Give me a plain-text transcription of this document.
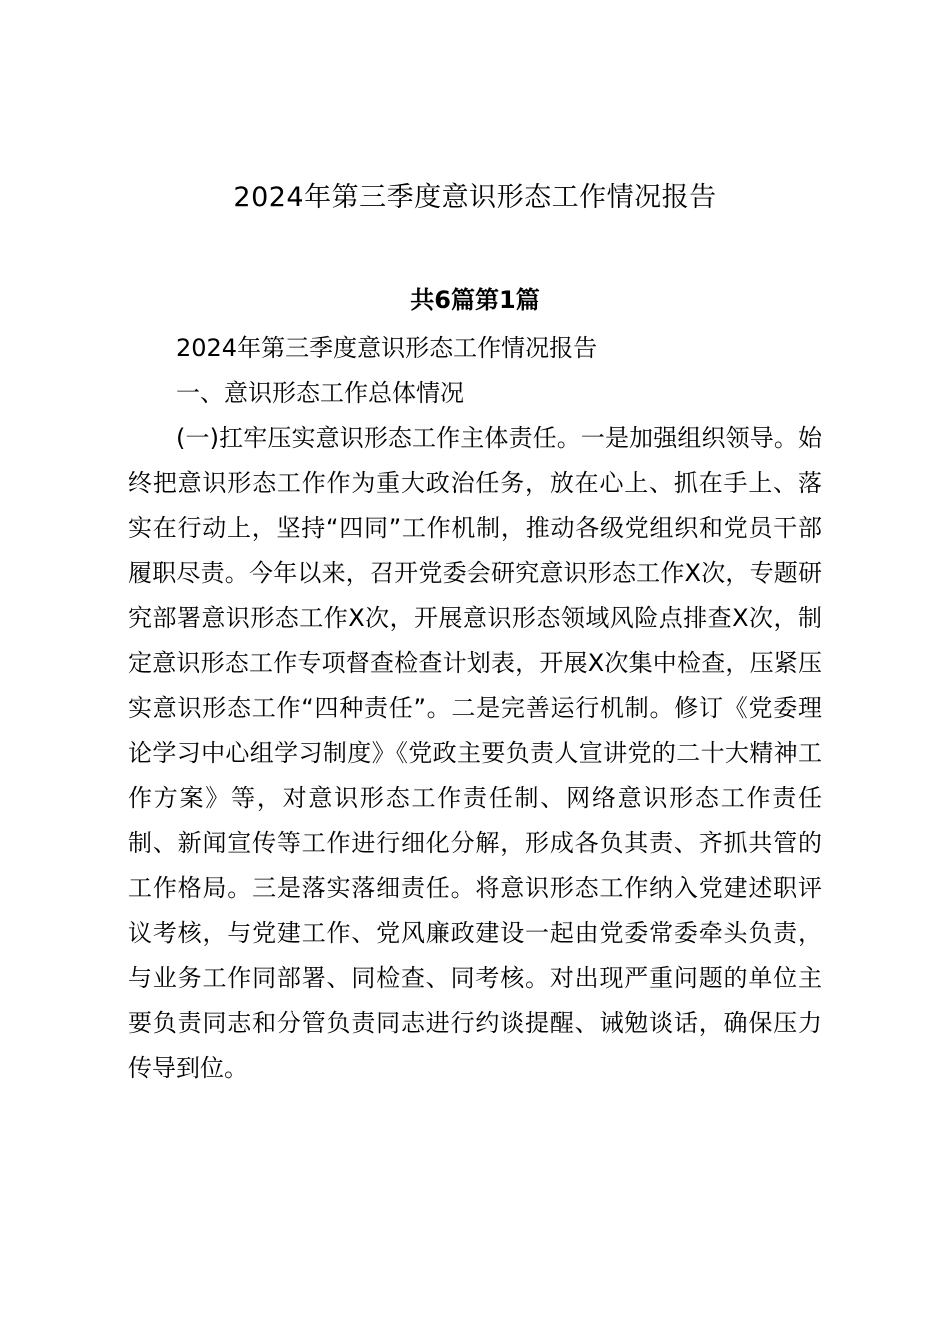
2024年第三季度意识形态工作情况报告
共6篇第1篇

2024年第三季度意识形态工作情况报告

一、意识形态工作总体情况

(一)扛牢压实意识形态工作主体责任。一是加强组织领导。始终把意识形态工作作为重大政治任务，放在心上、抓在手上、落实在行动上，坚持“四同”工作机制，推动各级党组织和党员干部履职尽责。今年以来，召开党委会研究意识形态工作X次，专题研究部署意识形态工作X次，开展意识形态领域风险点排查X次，制定意识形态工作专项督查检查计划表，开展X次集中检查，压紧压实意识形态工作“四种责任”。二是完善运行机制。修订《党委理论学习中心组学习制度》《党政主要负责人宣讲党的二十大精神工作方案》等，对意识形态工作责任制、网络意识形态工作责任制、新闻宣传等工作进行细化分解，形成各负其责、齐抓共管的工作格局。三是落实落细责任。将意识形态工作纳入党建述职评议考核，与党建工作、党风廉政建设一起由党委常委牵头负责，与业务工作同部署、同检查、同考核。对出现严重问题的单位主要负责同志和分管负责同志进行约谈提醒、诫勉谈话，确保压力传导到位。
